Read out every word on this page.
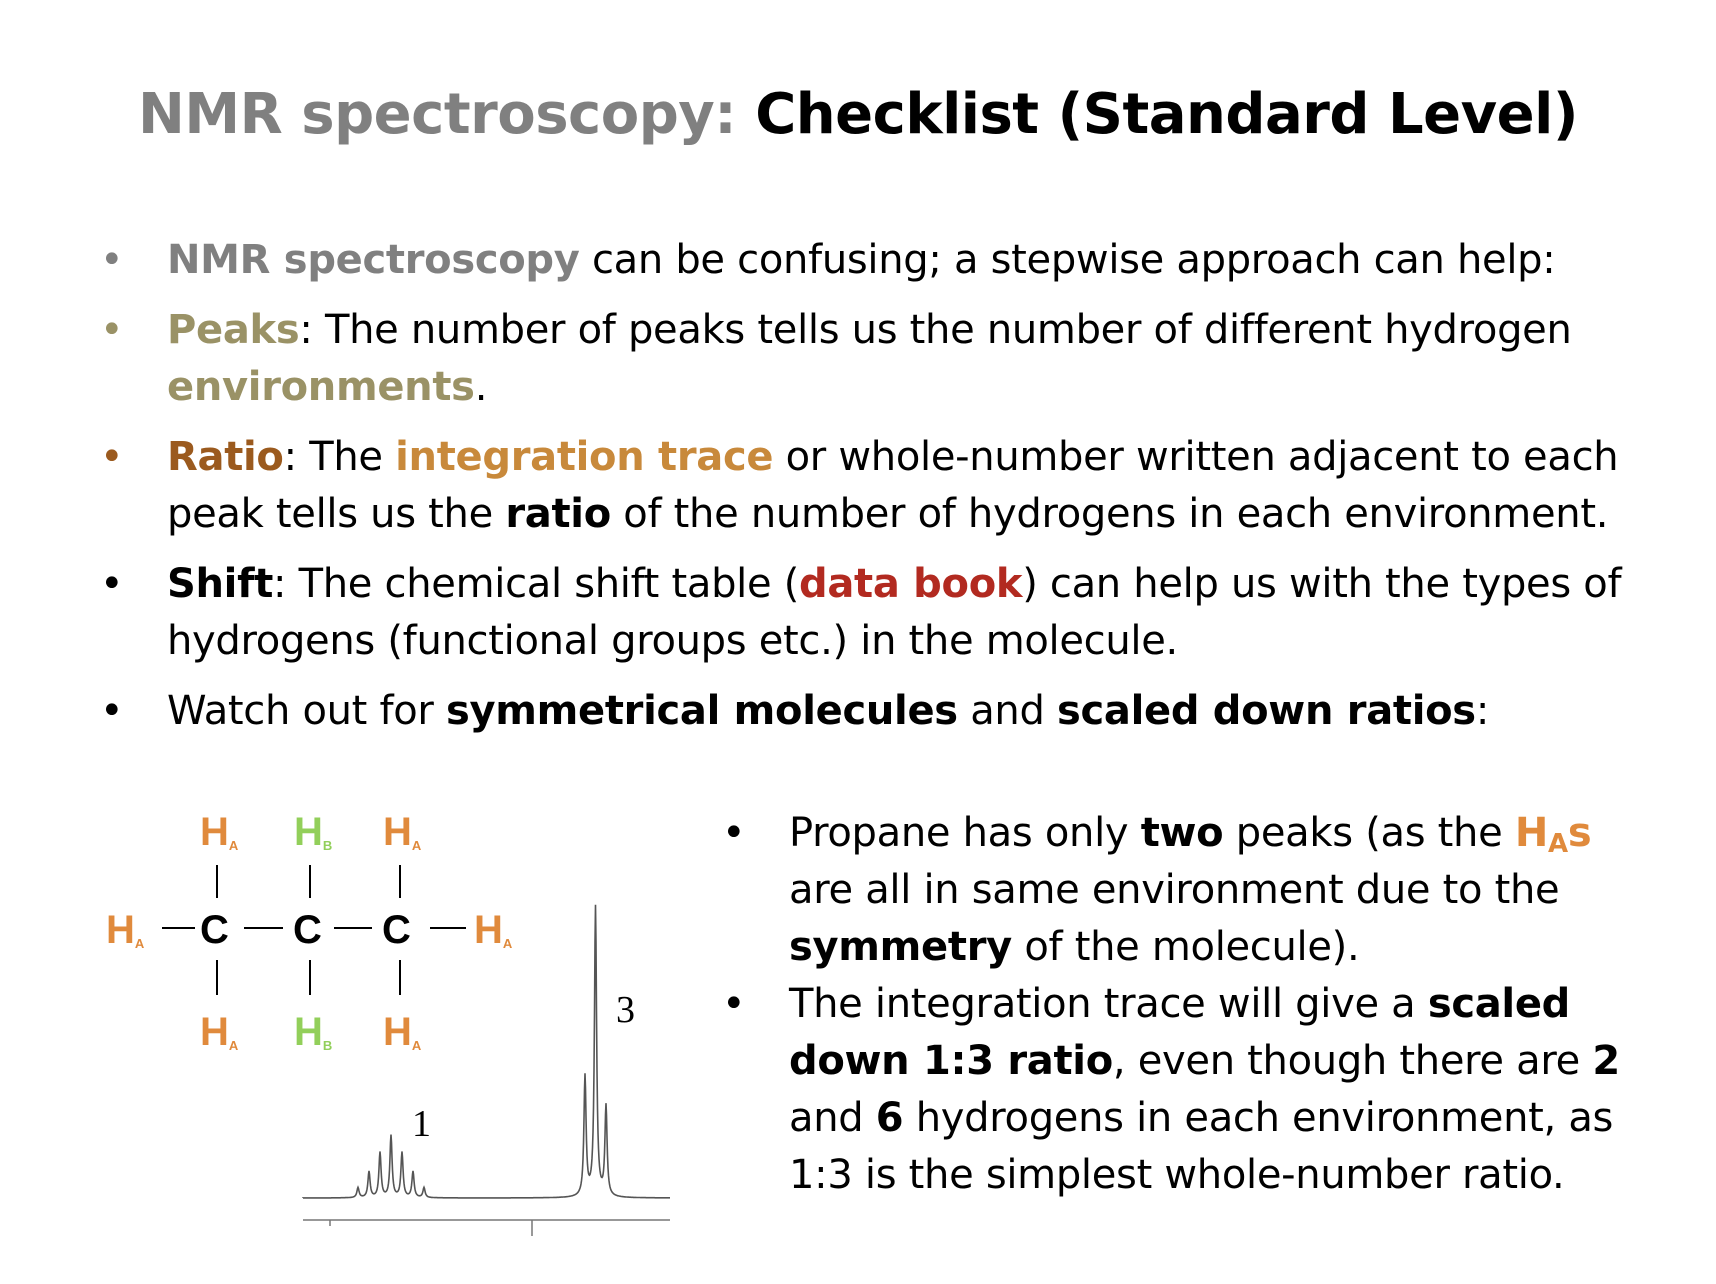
NMR spectroscopy: Checklist (Standard Level)
• NMR spectroscopy can be confusing; a stepwise approach can help:
• Peaks: The number of peaks tells us the number of different hydrogen environments.
• Ratio: The integration trace or whole-number written adjacent to each peak tells us the ratio of the number of hydrogens in each environment.
• Shift: The chemical shift table (data book) can help us with the types of hydrogens (functional groups etc.) in the molecule.
• Watch out for symmetrical molecules and scaled down ratios:
HA HB HA
HA HB HA
HA	HA
C C C
1
3
• Propane has only two peaks (as the $H_As$ are all in same environment due to the symmetry of the molecule).
• The integration trace will give a scaled down 1:3 ratio, even though there are 2 and 6 hydrogens in each environment, as 1:3 is the simplest whole-number ratio.
